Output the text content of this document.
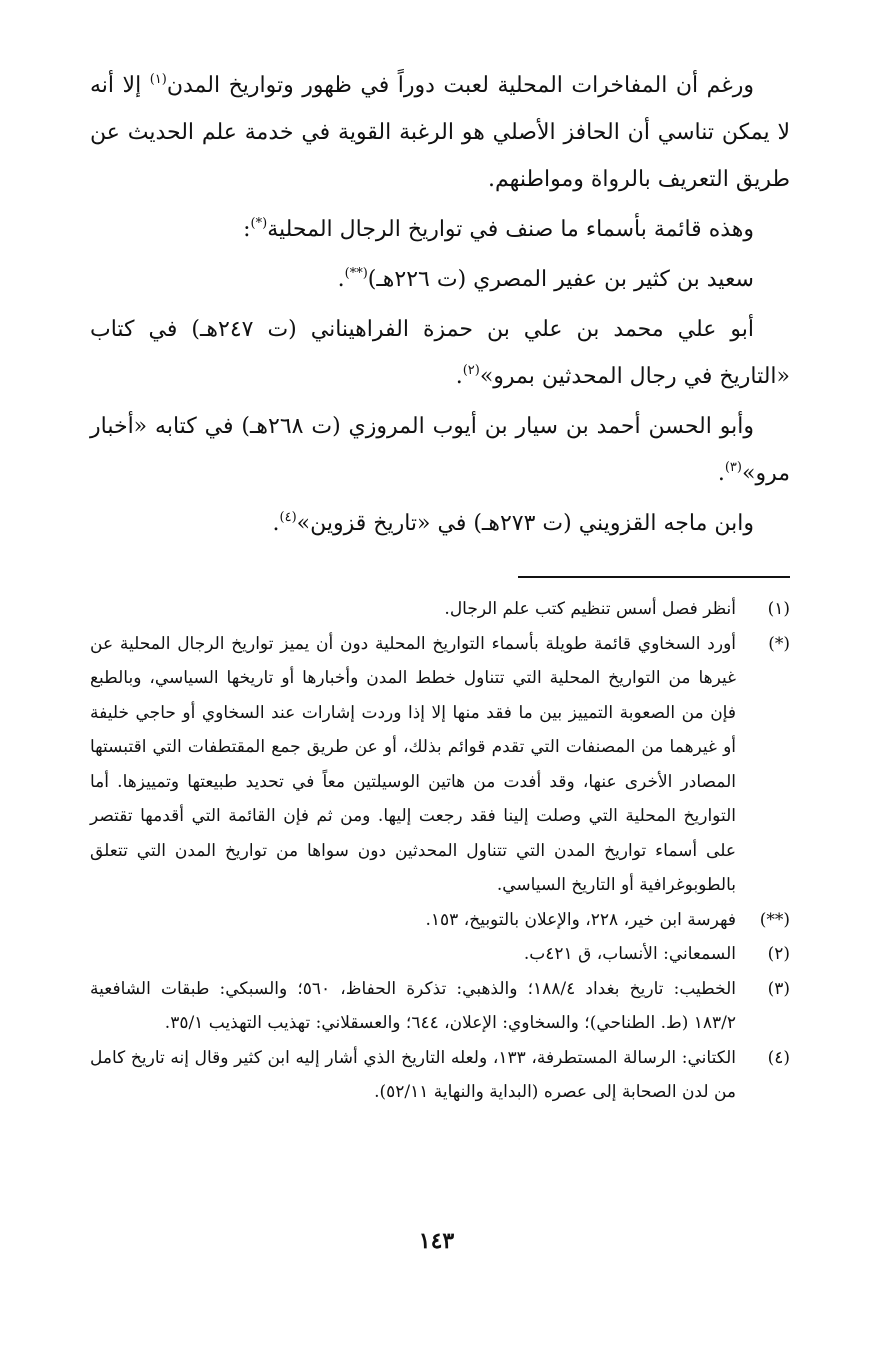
ورغم أن المفاخرات المحلية لعبت دوراً في ظهور وتواريخ المدن$^{(١)}$ إلا أنه لا يمكن تناسي أن الحافز الأصلي هو الرغبة القوية في خدمة علم الحديث عن طريق التعريف بالرواة ومواطنهم.

وهذه قائمة بأسماء ما صنف في تواريخ الرجال المحلية(*):

سعيد بن كثير بن عفير المصري (ت ٢٢٦هـ)(**).

أبو علي محمد بن علي بن حمزة الفراهيناني (ت ٢٤٧هـ) في كتاب «التاريخ في رجال المحدثين بمرو»$^{(٢)}$.

وأبو الحسن أحمد بن سيار بن أيوب المروزي (ت ٢٦٨هـ) في كتابه «أخبار مرو»$^{(٣)}$.

وابن ماجه القزويني (ت ٢٧٣هـ) في «تاريخ قزوين»$^{(٤)}$.

(١)
أنظر فصل أسس تنظيم كتب علم الرجال.
(*)
أورد السخاوي قائمة طويلة بأسماء التواريخ المحلية دون أن يميز تواريخ الرجال المحلية عن غيرها من التواريخ المحلية التي تتناول خطط المدن وأخبارها أو تاريخها السياسي، وبالطبع فإن من الصعوبة التمييز بين ما فقد منها إلا إذا وردت إشارات عند السخاوي أو حاجي خليفة أو غيرهما من المصنفات التي تقدم قوائم بذلك، أو عن طريق جمع المقتطفات التي اقتبستها المصادر الأخرى عنها، وقد أفدت من هاتين الوسيلتين معاً في تحديد طبيعتها وتمييزها. أما التواريخ المحلية التي وصلت إلينا فقد رجعت إليها. ومن ثم فإن القائمة التي أقدمها تقتصر على أسماء تواريخ المدن التي تتناول المحدثين دون سواها من تواريخ المدن التي تتعلق بالطوبوغرافية أو التاريخ السياسي.
(**)
فهرسة ابن خير، ٢٢٨، والإعلان بالتوبيخ، ١٥٣.
(٢)
السمعاني: الأنساب، ق ٤٢١ب.
(٣)
الخطيب: تاريخ بغداد ١٨٨/٤؛ والذهبي: تذكرة الحفاظ، ٥٦٠؛ والسبكي: طبقات الشافعية ١٨٣/٢ (ط. الطناحي)؛ والسخاوي: الإعلان، ٦٤٤؛ والعسقلاني: تهذيب التهذيب ٣٥/١.
(٤)
الكتاني: الرسالة المستطرفة، ١٣٣، ولعله التاريخ الذي أشار إليه ابن كثير وقال إنه تاريخ كامل من لدن الصحابة إلى عصره (البداية والنهاية ٥٢/١١).
١٤٣
